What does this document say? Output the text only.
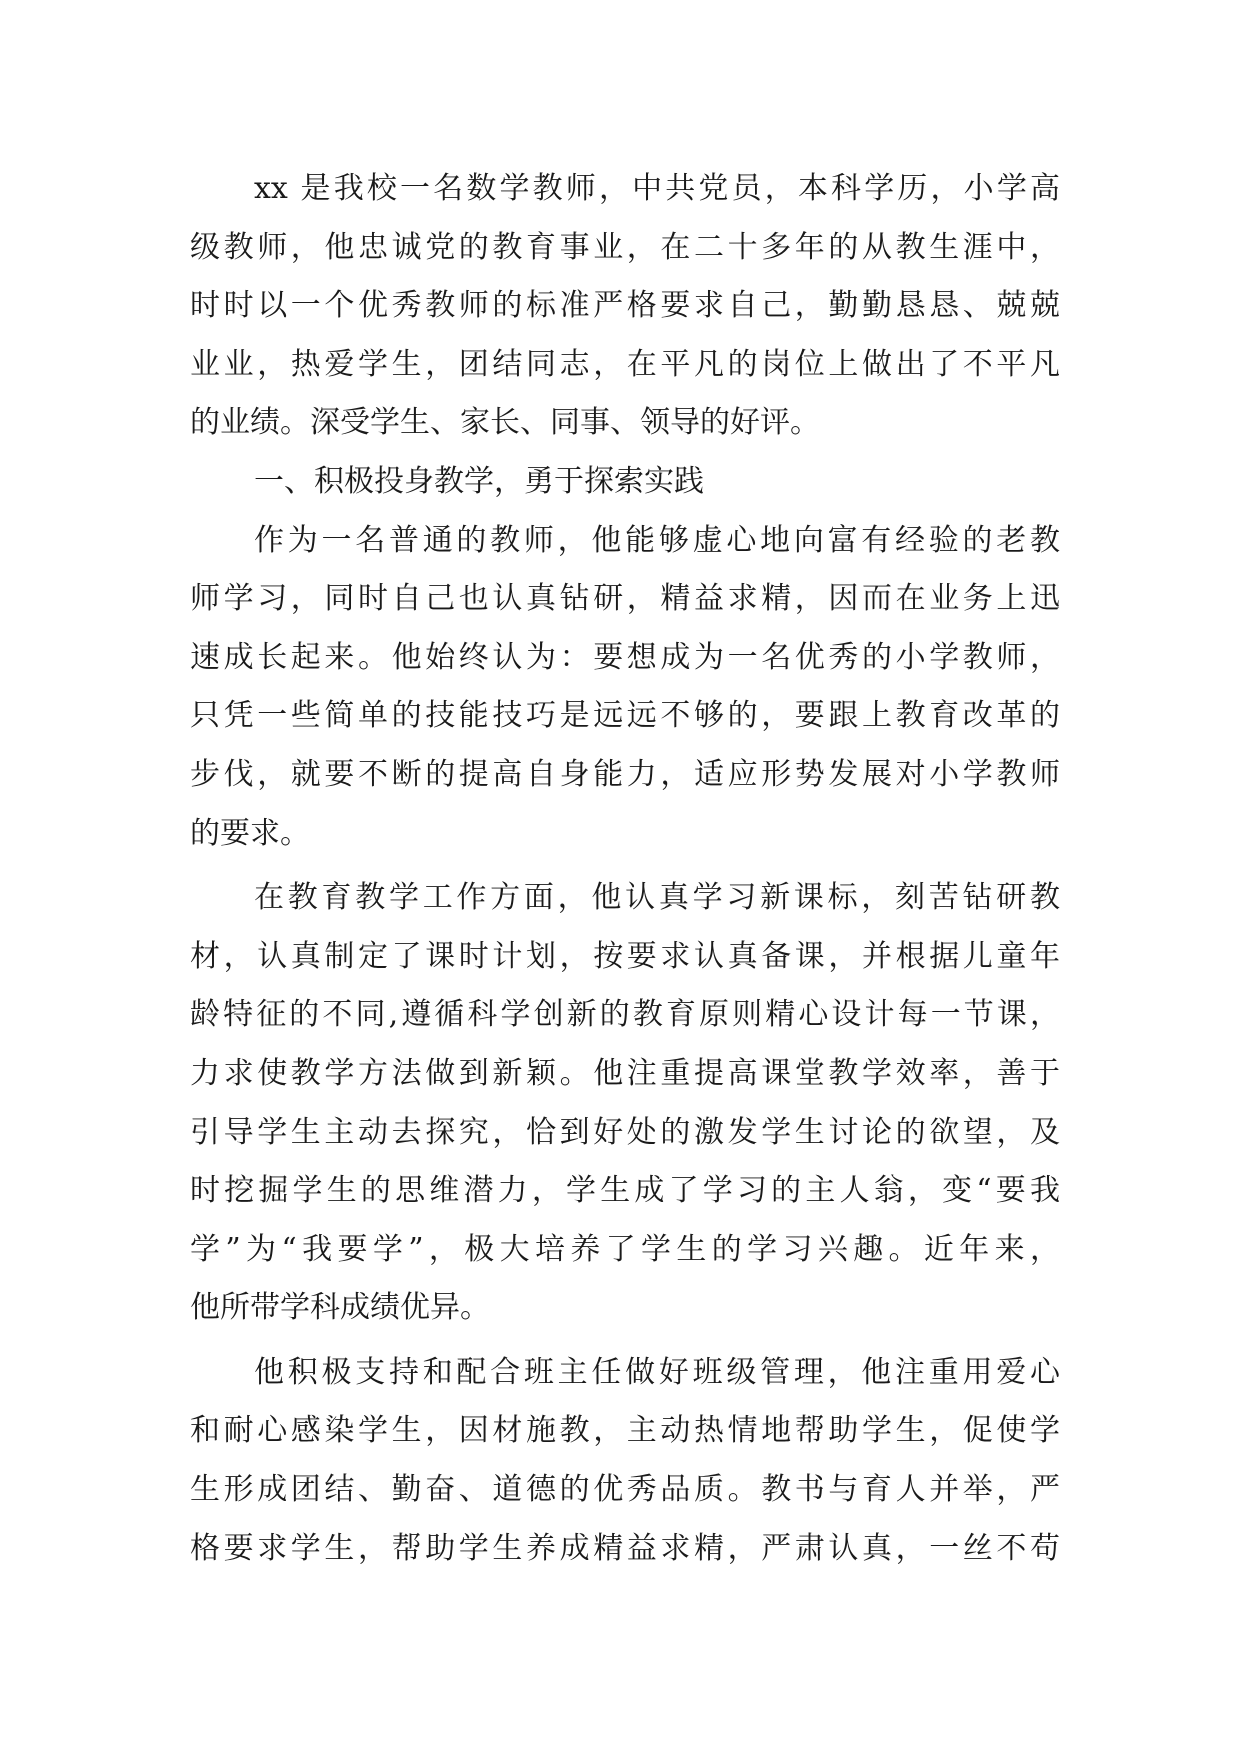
xx 是我校一名数学教师，中共党员，本科学历，小学高
级教师，他忠诚党的教育事业，在二十多年的从教生涯中，
时时以一个优秀教师的标准严格要求自己，勤勤恳恳、兢兢
业业，热爱学生，团结同志，在平凡的岗位上做出了不平凡
的业绩。深受学生、家长、同事、领导的好评。
一、积极投身教学，勇于探索实践
作为一名普通的教师，他能够虚心地向富有经验的老教
师学习，同时自己也认真钻研，精益求精，因而在业务上迅
速成长起来。他始终认为：要想成为一名优秀的小学教师，
只凭一些简单的技能技巧是远远不够的，要跟上教育改革的
步伐，就要不断的提高自身能力，适应形势发展对小学教师
的要求。
在教育教学工作方面，他认真学习新课标，刻苦钻研教
材，认真制定了课时计划，按要求认真备课，并根据儿童年
龄特征的不同,遵循科学创新的教育原则精心设计每一节课，
力求使教学方法做到新颖。他注重提高课堂教学效率，善于
引导学生主动去探究，恰到好处的激发学生讨论的欲望，及
时挖掘学生的思维潜力，学生成了学习的主人翁，变“要我
学”为“我要学”，极大培养了学生的学习兴趣。近年来，
他所带学科成绩优异。
他积极支持和配合班主任做好班级管理，他注重用爱心
和耐心感染学生，因材施教，主动热情地帮助学生，促使学
生形成团结、勤奋、道德的优秀品质。教书与育人并举，严
格要求学生，帮助学生养成精益求精，严肃认真，一丝不苟
